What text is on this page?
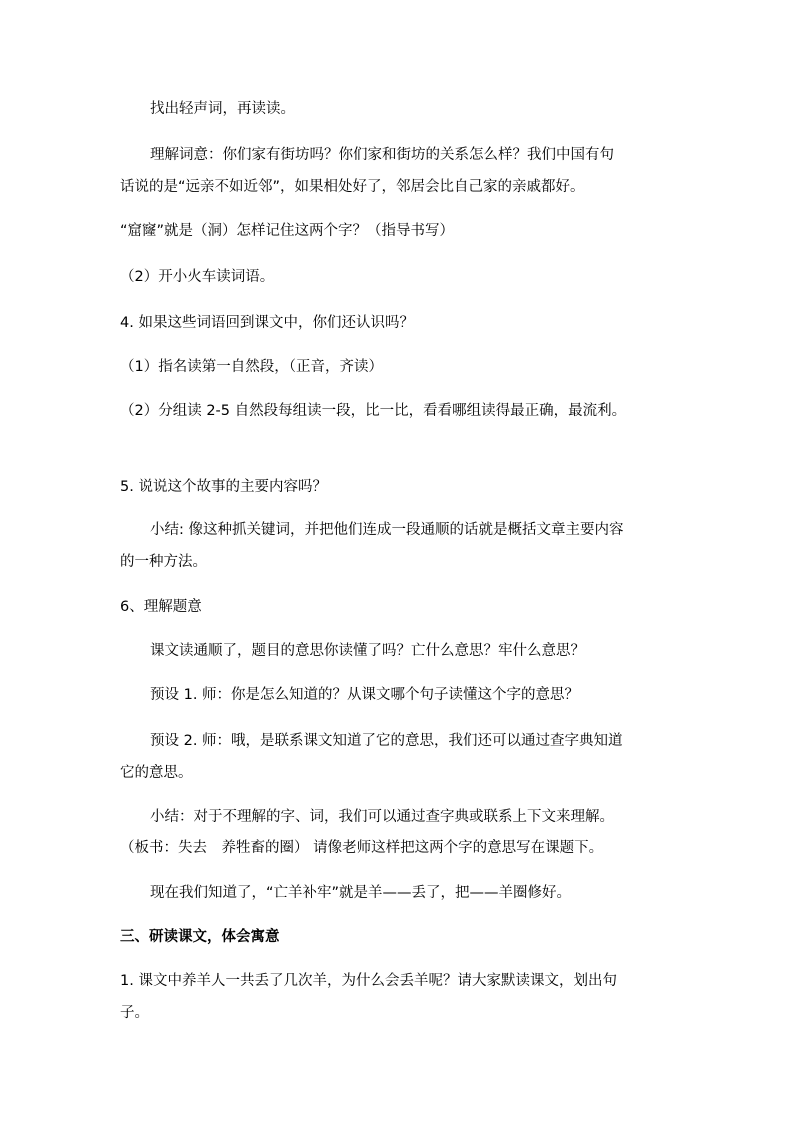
找出轻声词，再读读。

理解词意：你们家有街坊吗？你们家和街坊的关系怎么样？我们中国有句

话说的是“远亲不如近邻”，如果相处好了，邻居会比自己家的亲戚都好。

“窟窿”就是（洞）怎样记住这两个字？（指导书写）

（2）开小火车读词语。

4. 如果这些词语回到课文中，你们还认识吗？

（1）指名读第一自然段，（正音，齐读）

（2）分组读 2-5 自然段每组读一段，比一比，看看哪组读得最正确，最流利。

5. 说说这个故事的主要内容吗？

小结: 像这种抓关键词，并把他们连成一段通顺的话就是概括文章主要内容

的一种方法。

6、理解题意

课文读通顺了，题目的意思你读懂了吗？亡什么意思？牢什么意思？

预设 1. 师：你是怎么知道的？从课文哪个句子读懂这个字的意思？

预设 2. 师：哦，是联系课文知道了它的意思，我们还可以通过查字典知道

它的意思。

小结：对于不理解的字、词，我们可以通过查字典或联系上下文来理解。

（板书：失去　养牲畜的圈） 请像老师这样把这两个字的意思写在课题下。

现在我们知道了，“亡羊补牢”就是羊——丢了，把——羊圈修好。

三、研读课文，体会寓意

1. 课文中养羊人一共丢了几次羊，为什么会丢羊呢？请大家默读课文，划出句

子。
